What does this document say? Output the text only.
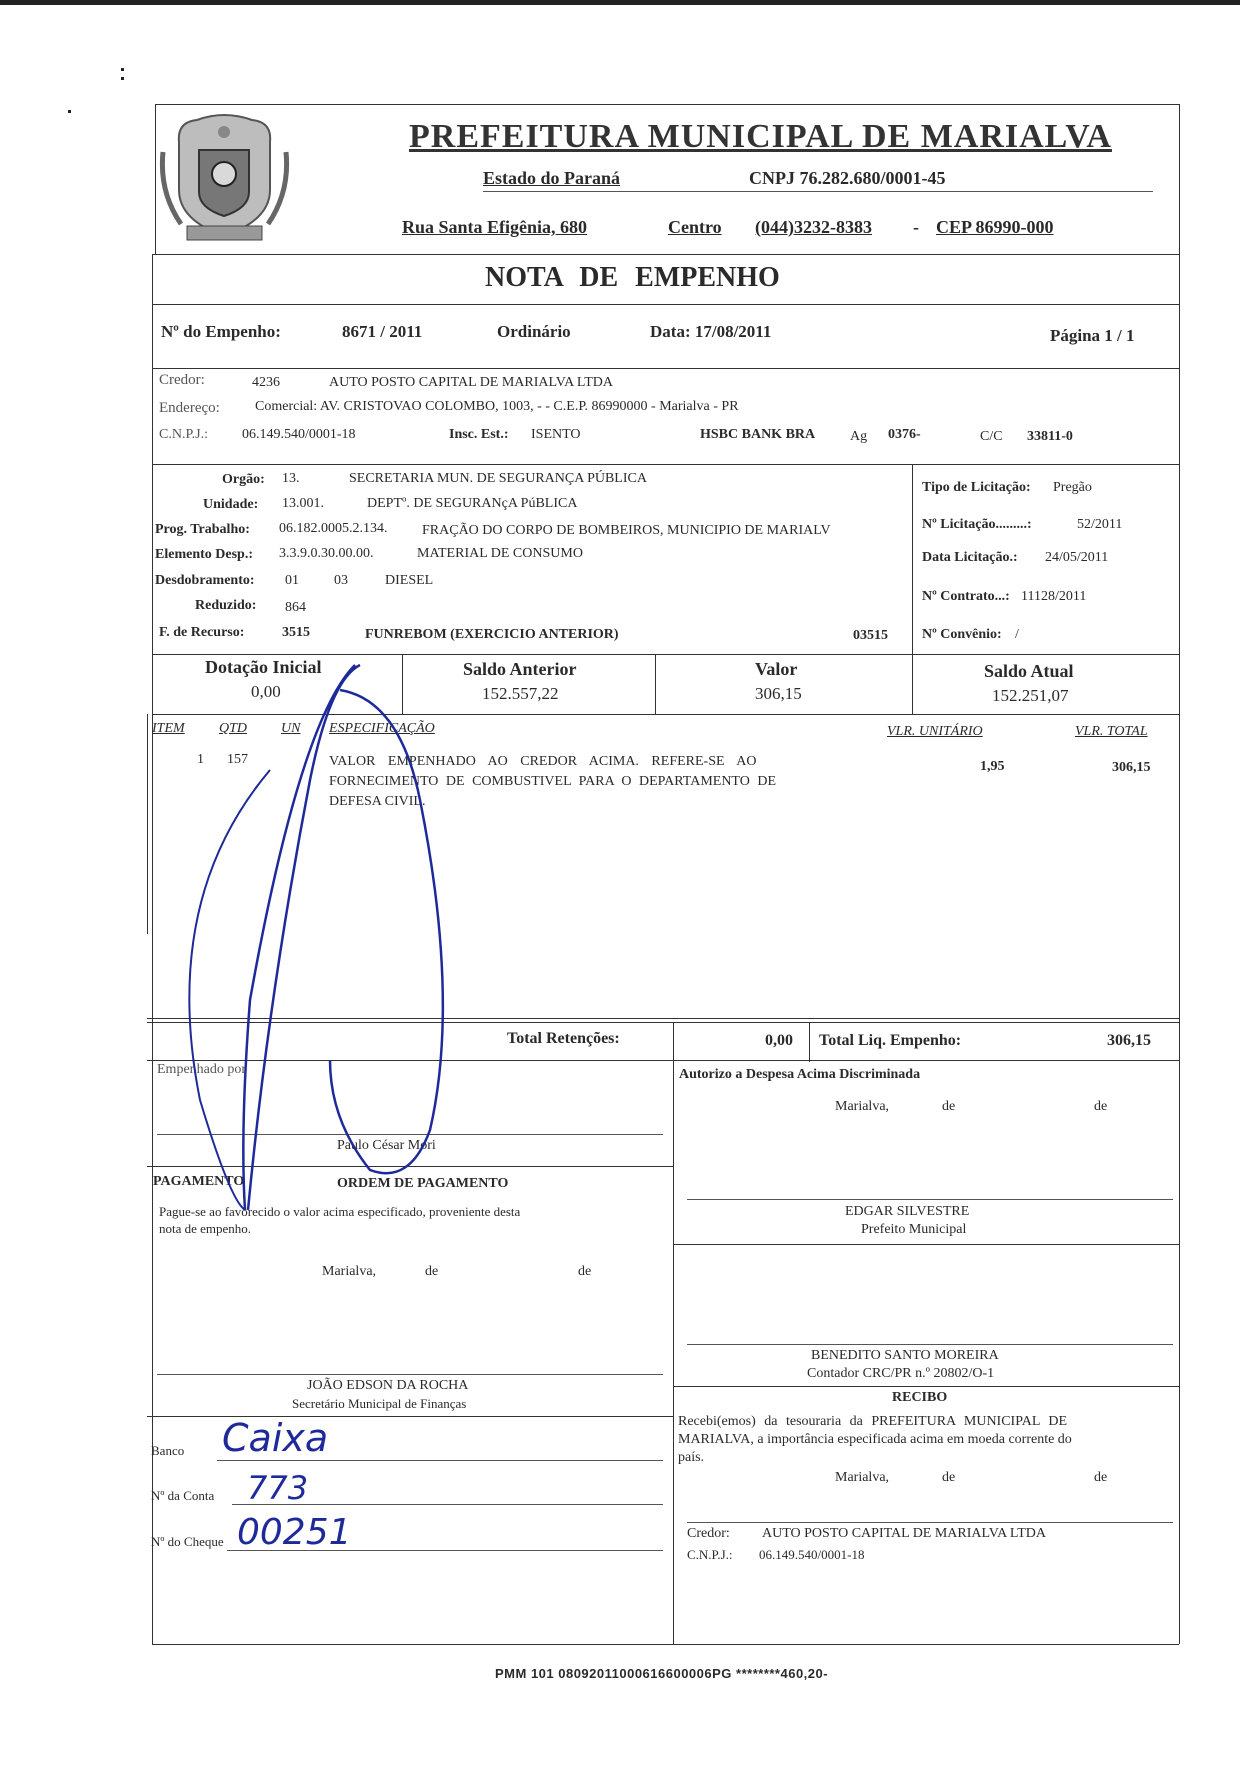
PREFEITURA MUNICIPAL DE MARIALVA
Estado do Paraná	CNPJ 76.282.680/0001-45
Rua Santa Efigênia, 680	Centro (044)3232-8383 - CEP 86990-000
NOTA DE EMPENHO
Nº do Empenho:	8671 / 2011	Ordinário	Data: 17/08/2011	Página 1 / 1
Credor:	4236	AUTO POSTO CAPITAL DE MARIALVA LTDA
Endereço:	Comercial: AV. CRISTOVAO COLOMBO, 1003, - - C.E.P. 86990000 - Marialva - PR
C.N.P.J.: 06.149.540/0001-18	Insc. Est.: ISENTO	HSBC BANK BRA Ag 0376-	C/C 33811-0
Orgão: 13.	SECRETARIA MUN. DE SEGURANÇA PÚBLICA
Unidade: 13.001.	DEPTº. DE SEGURANçA PúBLICA
Prog. Trabalho: 06.182.0005.2.134. FRAÇÃO DO CORPO DE BOMBEIROS, MUNICIPIO DE MARIALV
Elemento Desp.: 3.3.9.0.30.00.00.	MATERIAL DE CONSUMO
Desdobramento: 01	03	DIESEL
Reduzido: 864
F. de Recurso:	3515	FUNREBOM (EXERCICIO ANTERIOR)	03515
Tipo de Licitação: Pregão
Nº Licitação.........:	52/2011
Data Licitação.: 24/05/2011
Nº Contrato...: 11128/2011
Nº Convênio: /
Dotação Inicial
0,00
Saldo Anterior
152.557,22
Valor
306,15
Saldo Atual
152.251,07
ITEM QTD UN ESPECIFICAÇÃO	VLR. UNITÁRIO	VLR. TOTAL
1 157	VALOR EMPENHADO AO CREDOR ACIMA. REFERE-SE AO
FORNECIMENTO DE COMBUSTIVEL PARA O DEPARTAMENTO DE
DEFESA CIVIL.
1,95	306,15
Total Retenções:	0,00 Total Liq. Empenho:	306,15
Empenhado por
Paulo César Mori
Autorizo a Despesa Acima Discriminada
Marialva,	de	de
EDGAR SILVESTRE
Prefeito Municipal
PAGAMENTO	ORDEM DE PAGAMENTO
Pague-se ao favorecido o valor acima especificado, proveniente desta
nota de empenho.
Marialva,	de	de
JOÃO EDSON DA ROCHA
Secretário Municipal de Finanças
BENEDITO SANTO MOREIRA
Contador CRC/PR n.º 20802/O-1
RECIBO
Recebi(emos) da tesouraria da PREFEITURA MUNICIPAL DE
MARIALVA, a importância especificada acima em moeda corrente do
país.
Marialva,	de	de
Credor: AUTO POSTO CAPITAL DE MARIALVA LTDA
C.N.P.J.: 06.149.540/0001-18
Banco Caixa
Nº da Conta 773
Nº do Cheque 00251
PMM 101 08092011000616600006PG ********460,20-
